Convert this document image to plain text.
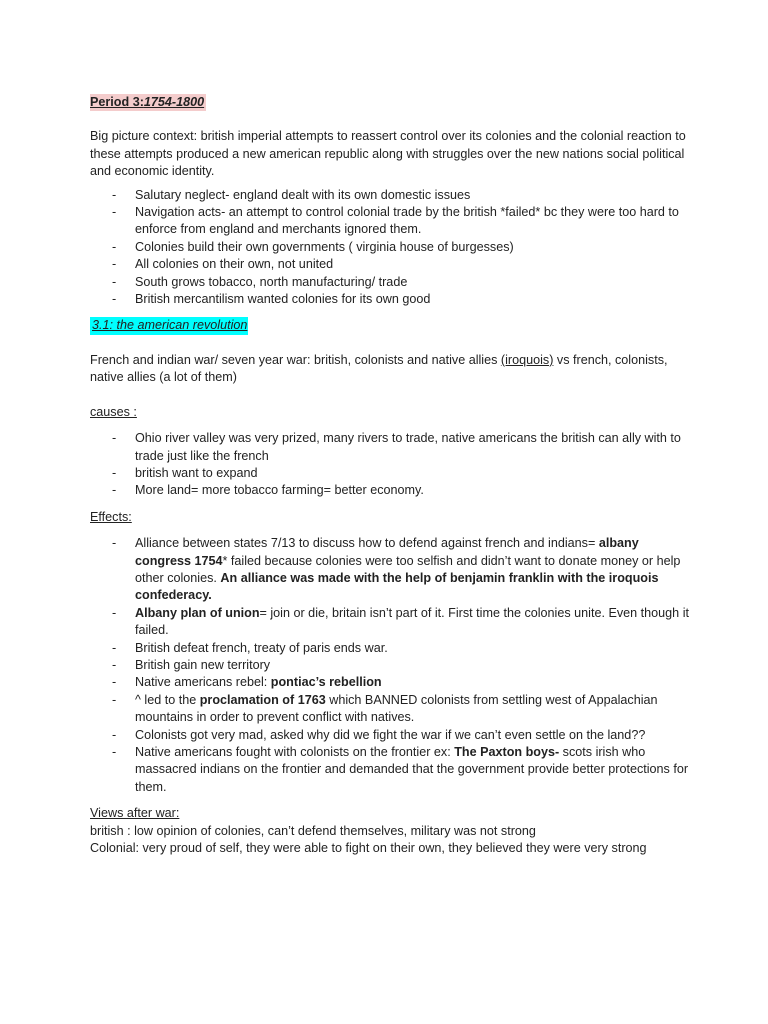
Period 3:1754-1800

Big picture context: british imperial attempts to reassert control over its colonies and the colonial reaction to these attempts produced a new american republic along with struggles over the new nations social political and economic identity.

- Salutary neglect- england dealt with its own domestic issues
- Navigation acts- an attempt to control colonial trade by the british *failed* bc they were too hard to enforce from england and merchants ignored them.
- Colonies build their own governments ( virginia house of burgesses)
- All colonies on their own, not united
- South grows tobacco, north manufacturing/ trade
- British mercantilism wanted colonies for its own good

3.1: the american revolution

French and indian war/ seven year war: british, colonists and native allies (iroquois) vs french, colonists, native allies (a lot of them)

causes :

- Ohio river valley was very prized, many rivers to trade, native americans the british can ally with to trade just like the french
- british want to expand
- More land= more tobacco farming= better economy.

Effects:

- Alliance between states 7/13 to discuss how to defend against french and indians= albany congress 1754* failed because colonies were too selfish and didn’t want to donate money or help other colonies. An alliance was made with the help of benjamin franklin with the iroquois confederacy.
- Albany plan of union= join or die, britain isn’t part of it. First time the colonies unite. Even though it failed.
- British defeat french, treaty of paris ends war.
- British gain new territory
- Native americans rebel: pontiac’s rebellion
- ^ led to the proclamation of 1763 which BANNED colonists from settling west of Appalachian mountains in order to prevent conflict with natives.
- Colonists got very mad, asked why did we fight the war if we can’t even settle on the land??
- Native americans fought with colonists on the frontier ex: The Paxton boys- scots irish who massacred indians on the frontier and demanded that the government provide better protections for them.

Views after war:

british : low opinion of colonies, can’t defend themselves, military was not strong

Colonial: very proud of self, they were able to fight on their own, they believed they were very strong
